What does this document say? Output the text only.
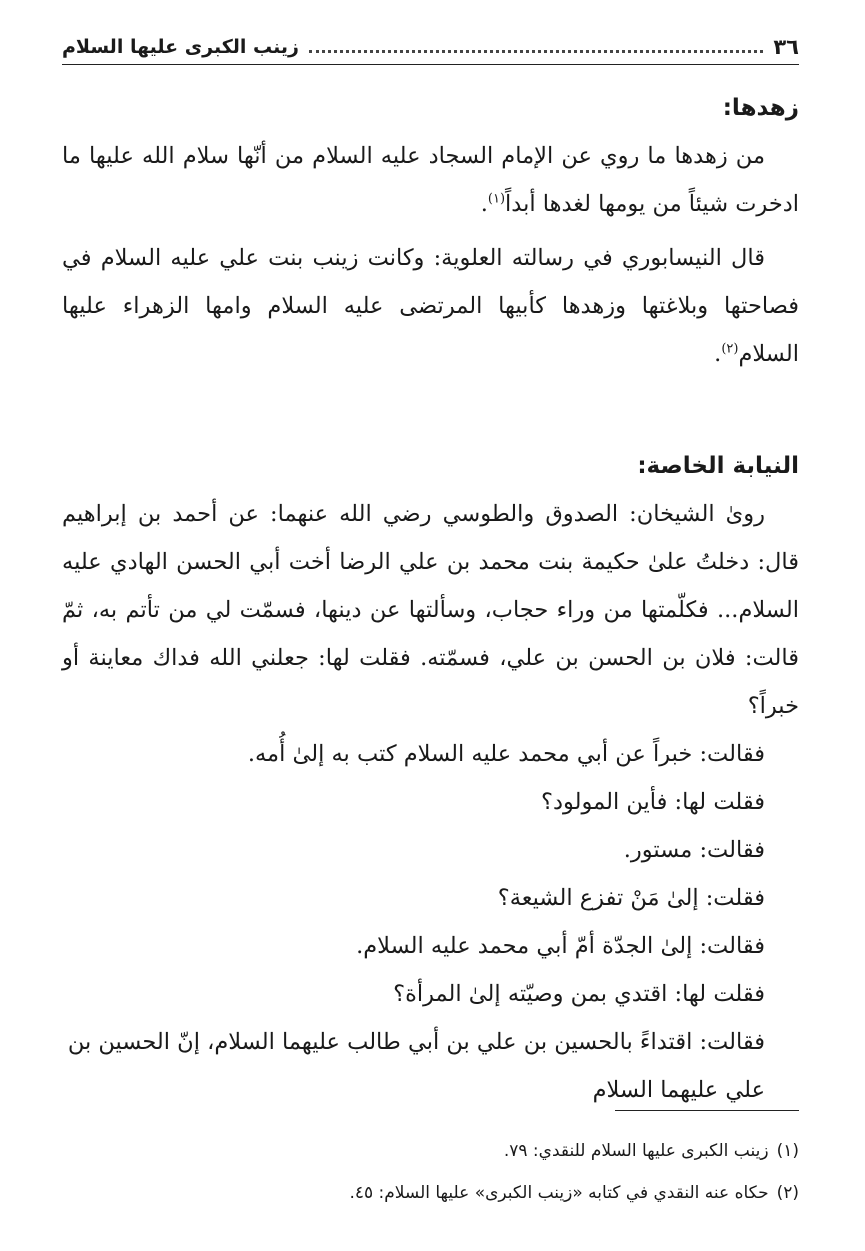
٣٦
زينب الكبرى عليها السلام
زهدها:

من زهدها ما روي عن الإمام السجاد عليه السلام من أنّها سلام الله عليها ما ادخرت شيئاً من يومها لغدها أبداً$^{(١)}$.

قال النيسابوري في رسالته العلوية: وكانت زينب بنت علي عليه السلام في فصاحتها وبلاغتها وزهدها كأبيها المرتضى عليه السلام وامها الزهراء عليها السلام$^{(٢)}$.

النيابة الخاصة:

روىٰ الشيخان: الصدوق والطوسي رضي الله عنهما: عن أحمد بن إبراهيم قال: دخلتُ علىٰ حكيمة بنت محمد بن علي الرضا أخت أبي الحسن الهادي عليه السلام... فكلّمتها من وراء حجاب، وسألتها عن دينها، فسمّت لي من تأتم به، ثمّ قالت: فلان بن الحسن بن علي، فسمّته. فقلت لها: جعلني الله فداك معاينة أو خبراً؟

فقالت: خبراً عن أبي محمد عليه السلام كتب به إلىٰ أُمه.

فقلت لها: فأين المولود؟

فقالت: مستور.

فقلت: إلىٰ مَنْ تفزع الشيعة؟

فقالت: إلىٰ الجدّة أمّ أبي محمد عليه السلام.

فقلت لها: اقتدي بمن وصيّته إلىٰ المرأة؟

فقالت: اقتداءً بالحسين بن علي بن أبي طالب عليهما السلام، إنّ الحسين بن علي عليهما السلام

(١)زينب الكبرى عليها السلام للنقدي: ٧٩.

(٢)حكاه عنه النقدي في كتابه «زينب الكبرى» عليها السلام: ٤٥.
